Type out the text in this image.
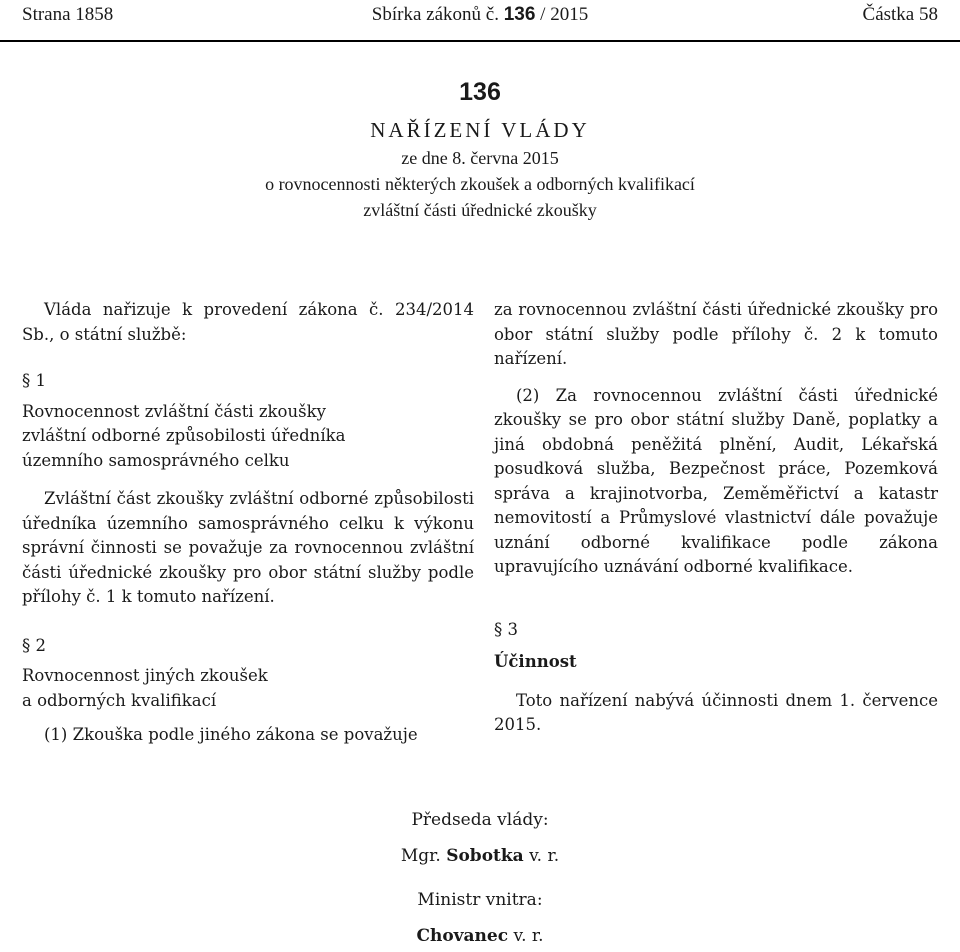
Strana 1858	Sbírka zákonů č. 136 / 2015	Částka 58
136
NAŘÍZENÍ VLÁDY
ze dne 8. června 2015
o rovnocennosti některých zkoušek a odborných kvalifikací
zvláštní části úřednické zkoušky

Vláda nařizuje k provedení zákona č. 234/2014 Sb., o státní službě:

§ 1

Rovnocennost zvláštní části zkoušky

zvláštní odborné způsobilosti úředníka

územního samosprávného celku

Zvláštní část zkoušky zvláštní odborné způsobilosti úředníka územního samosprávného celku k výkonu správní činnosti se považuje za rovnocennou zvláštní části úřednické zkoušky pro obor státní služby podle přílohy č. 1 k tomuto nařízení.

§ 2

Rovnocennost jiných zkoušek

a odborných kvalifikací

(1) Zkouška podle jiného zákona se považuje

za rovnocennou zvláštní části úřednické zkoušky pro obor státní služby podle přílohy č. 2 k tomuto nařízení.

(2) Za rovnocennou zvláštní části úřednické zkoušky se pro obor státní služby Daně, poplatky a jiná obdobná peněžitá plnění, Audit, Lékařská posudková služba, Bezpečnost práce, Pozemková správa a krajinotvorba, Zeměměřictví a katastr nemovitostí a Průmyslové vlastnictví dále považuje uznání odborné kvalifikace podle zákona upravujícího uznávání odborné kvalifikace.

§ 3

Účinnost

Toto nařízení nabývá účinnosti dnem 1. července 2015.

Předseda vlády:
Mgr. Sobotka v. r.
Ministr vnitra:
Chovanec v. r.
